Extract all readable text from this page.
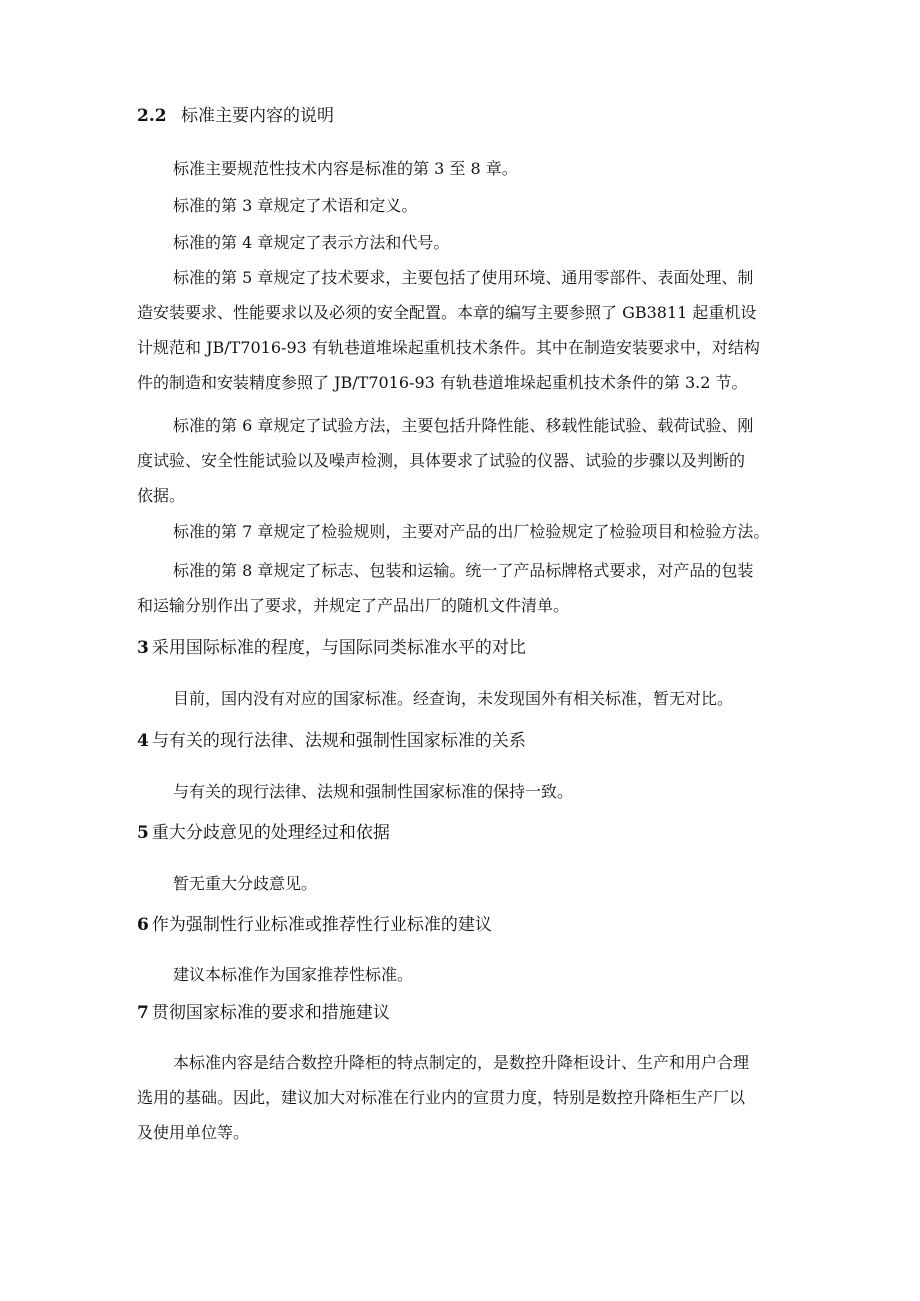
2.2 标准主要内容的说明
标准主要规范性技术内容是标准的第 3 至 8 章。
标准的第 3 章规定了术语和定义。
标准的第 4 章规定了表示方法和代号。
标准的第 5 章规定了技术要求，主要包括了使用环境、通用零部件、表面处理、制
造安装要求、性能要求以及必须的安全配置。本章的编写主要参照了 GB3811 起重机设
计规范和 JB/T7016-93 有轨巷道堆垛起重机技术条件。其中在制造安装要求中，对结构
件的制造和安装精度参照了 JB/T7016-93 有轨巷道堆垛起重机技术条件的第 3.2 节。
标准的第 6 章规定了试验方法，主要包括升降性能、移载性能试验、载荷试验、刚
度试验、安全性能试验以及噪声检测，具体要求了试验的仪器、试验的步骤以及判断的
依据。
标准的第 7 章规定了检验规则，主要对产品的出厂检验规定了检验项目和检验方法。
标准的第 8 章规定了标志、包装和运输。统一了产品标牌格式要求，对产品的包装
和运输分别作出了要求，并规定了产品出厂的随机文件清单。
3 采用国际标准的程度，与国际同类标准水平的对比
目前，国内没有对应的国家标准。经查询，未发现国外有相关标准，暂无对比。
4 与有关的现行法律、法规和强制性国家标准的关系
与有关的现行法律、法规和强制性国家标准的保持一致。
5 重大分歧意见的处理经过和依据
暂无重大分歧意见。
6 作为强制性行业标准或推荐性行业标准的建议
建议本标准作为国家推荐性标准。
7 贯彻国家标准的要求和措施建议
本标准内容是结合数控升降柜的特点制定的，是数控升降柜设计、生产和用户合理
选用的基础。因此，建议加大对标准在行业内的宣贯力度，特别是数控升降柜生产厂以
及使用单位等。
